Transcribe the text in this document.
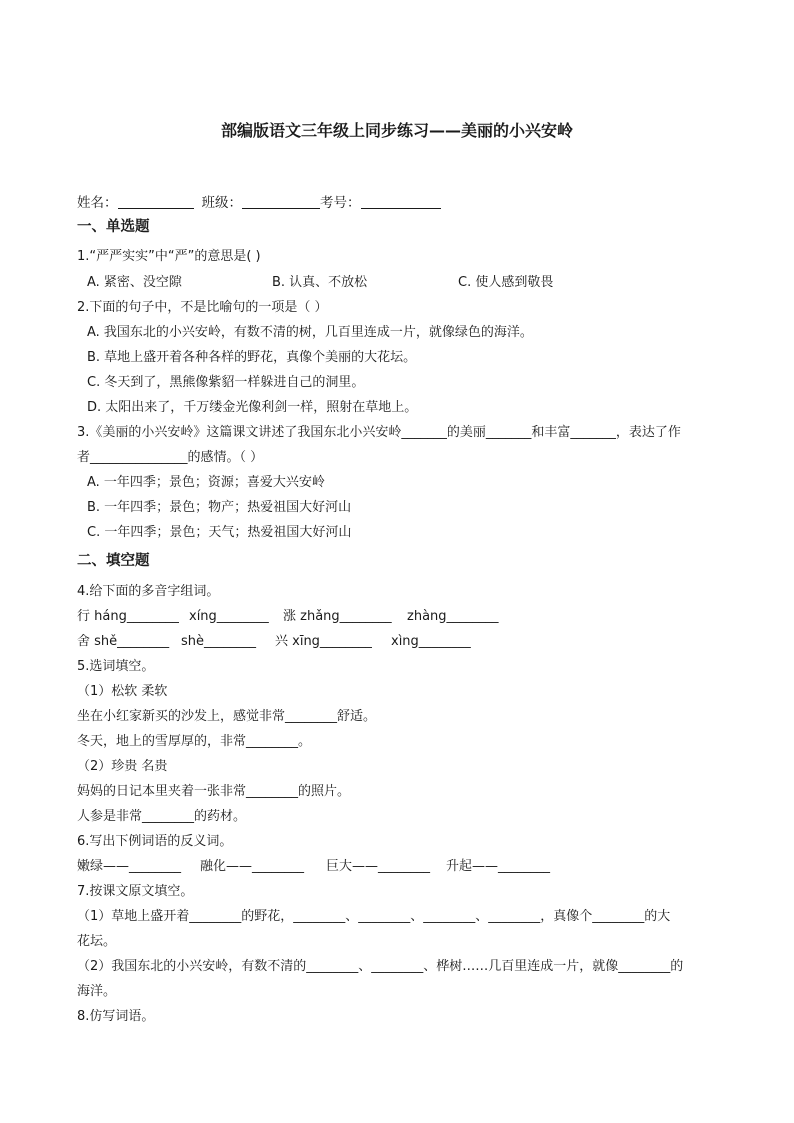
部编版语文三年级上同步练习——美丽的小兴安岭
姓名：	班级：	考号：
一、单选题
1.“严严实实”中“严”的意思是( )
A. 紧密、没空隙	B. 认真、不放松	C. 使人感到敬畏
2.下面的句子中，不是比喻句的一项是（ ）
A. 我国东北的小兴安岭，有数不清的树，几百里连成一片，就像绿色的海洋。
B. 草地上盛开着各种各样的野花，真像个美丽的大花坛。
C. 冬天到了，黑熊像紫貂一样躲进自己的洞里。
D. 太阳出来了，千万缕金光像利剑一样，照射在草地上。
3.《美丽的小兴安岭》这篇课文讲述了我国东北小兴安岭_______的美丽_______和丰富_______，表达了作
者_______________的感情。（ ）
A. 一年四季；景色；资源；喜爱大兴安岭
B. 一年四季；景色；物产；热爱祖国大好河山
C. 一年四季；景色；天气；热爱祖国大好河山
二、填空题
4.给下面的多音字组词。
行 háng________ xíng________ 涨 zhǎng________ zhàng________
舍 shě________ shè________ 兴 xīng________ xìng________
5.选词填空。
（1）松软 柔软
坐在小红家新买的沙发上，感觉非常________舒适。
冬天，地上的雪厚厚的，非常________。
（2）珍贵 名贵
妈妈的日记本里夹着一张非常________的照片。
人参是非常________的药材。
6.写出下例词语的反义词。
嫩绿——________ 融化——________ 巨大——________ 升起——________
7.按课文原文填空。
（1）草地上盛开着________的野花，________、________、________、________，真像个________的大
花坛。
（2）我国东北的小兴安岭，有数不清的________、________、桦树……几百里连成一片，就像________的
海洋。
8.仿写词语。
